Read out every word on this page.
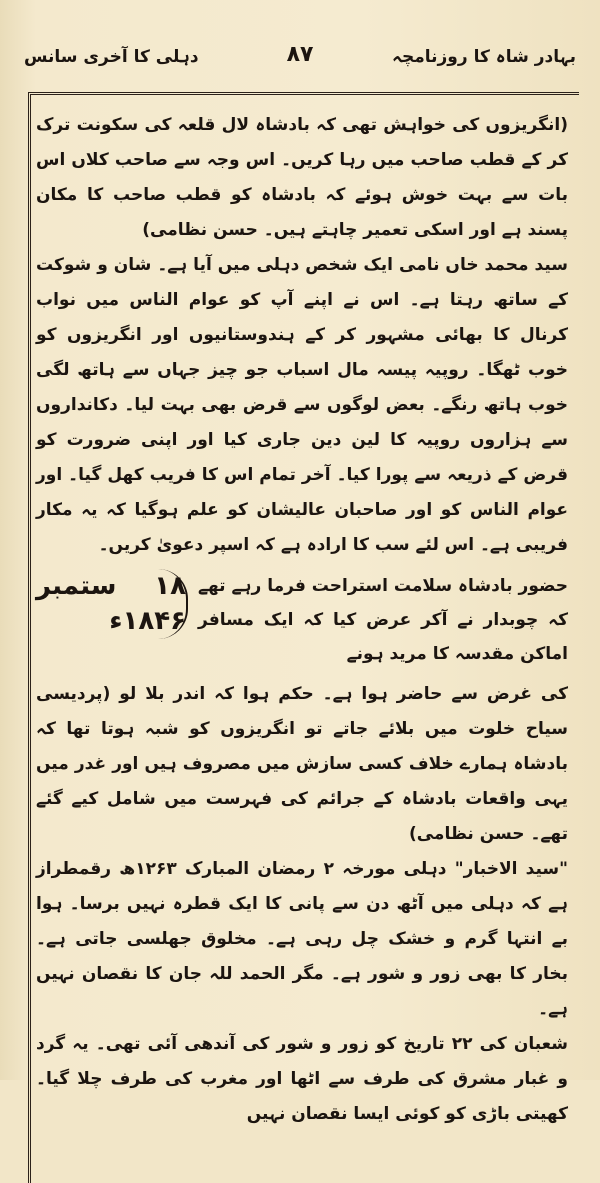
بہادر شاہ کا روزنامچہ
۸۷
دہلی کا آخری سانس

(انگریزوں کی خواہش تھی کہ بادشاہ لال قلعہ کی سکونت ترک کر کے قطب صاحب میں رہا کریں۔ اس وجہ سے صاحب کلاں اس بات سے بہت خوش ہوئے کہ بادشاہ کو قطب صاحب کا مکان پسند ہے اور اسکی تعمیر چاہتے ہیں۔ حسن نظامی)

سید محمد خاں نامی ایک شخص دہلی میں آیا ہے۔ شان و شوکت کے ساتھ رہتا ہے۔ اس نے اپنے آپ کو عوام الناس میں نواب کرنال کا بھائی مشہور کر کے ہندوستانیوں اور انگریزوں کو خوب ٹھگا۔ روپیہ پیسہ مال اسباب جو چیز جہاں سے ہاتھ لگی خوب ہاتھ رنگے۔ بعض لوگوں سے قرض بھی بہت لیا۔ دکانداروں سے ہزاروں روپیہ کا لین دین جاری کیا اور اپنی ضرورت کو قرض کے ذریعہ سے پورا کیا۔ آخر تمام اس کا فریب کھل گیا۔ اور عوام الناس کو اور صاحبان عالیشان کو علم ہوگیا کہ یہ مکار فریبی ہے۔ اس لئے سب کا ارادہ ہے کہ اسپر دعویٰ کریں۔

۱۸ ستمبر ۱۸۴۶ء
حضور بادشاہ سلامت استراحت فرما رہے تھے کہ چوبدار نے آکر عرض کیا کہ ایک مسافر اماکن مقدسہ کا مرید ہونے

کی غرض سے حاضر ہوا ہے۔ حکم ہوا کہ اندر بلا لو (پردیسی سیاح خلوت میں بلائے جاتے تو انگریزوں کو شبہ ہوتا تھا کہ بادشاہ ہمارے خلاف کسی سازش میں مصروف ہیں اور غدر میں یہی واقعات بادشاہ کے جرائم کی فہرست میں شامل کیے گئے تھے۔ حسن نظامی)

"سید الاخبار" دہلی مورخہ ۲ رمضان المبارک ۱۲۶۳ھ رقمطراز ہے کہ دہلی میں آٹھ دن سے پانی کا ایک قطرہ نہیں برسا۔ ہوا بے انتہا گرم و خشک چل رہی ہے۔ مخلوق جھلسی جاتی ہے۔ بخار کا بھی زور و شور ہے۔ مگر الحمد للہ جان کا نقصان نہیں ہے۔

شعبان کی ۲۲ تاریخ کو زور و شور کی آندھی آئی تھی۔ یہ گرد و غبار مشرق کی طرف سے اٹھا اور مغرب کی طرف چلا گیا۔ کھیتی باڑی کو کوئی ایسا نقصان نہیں
